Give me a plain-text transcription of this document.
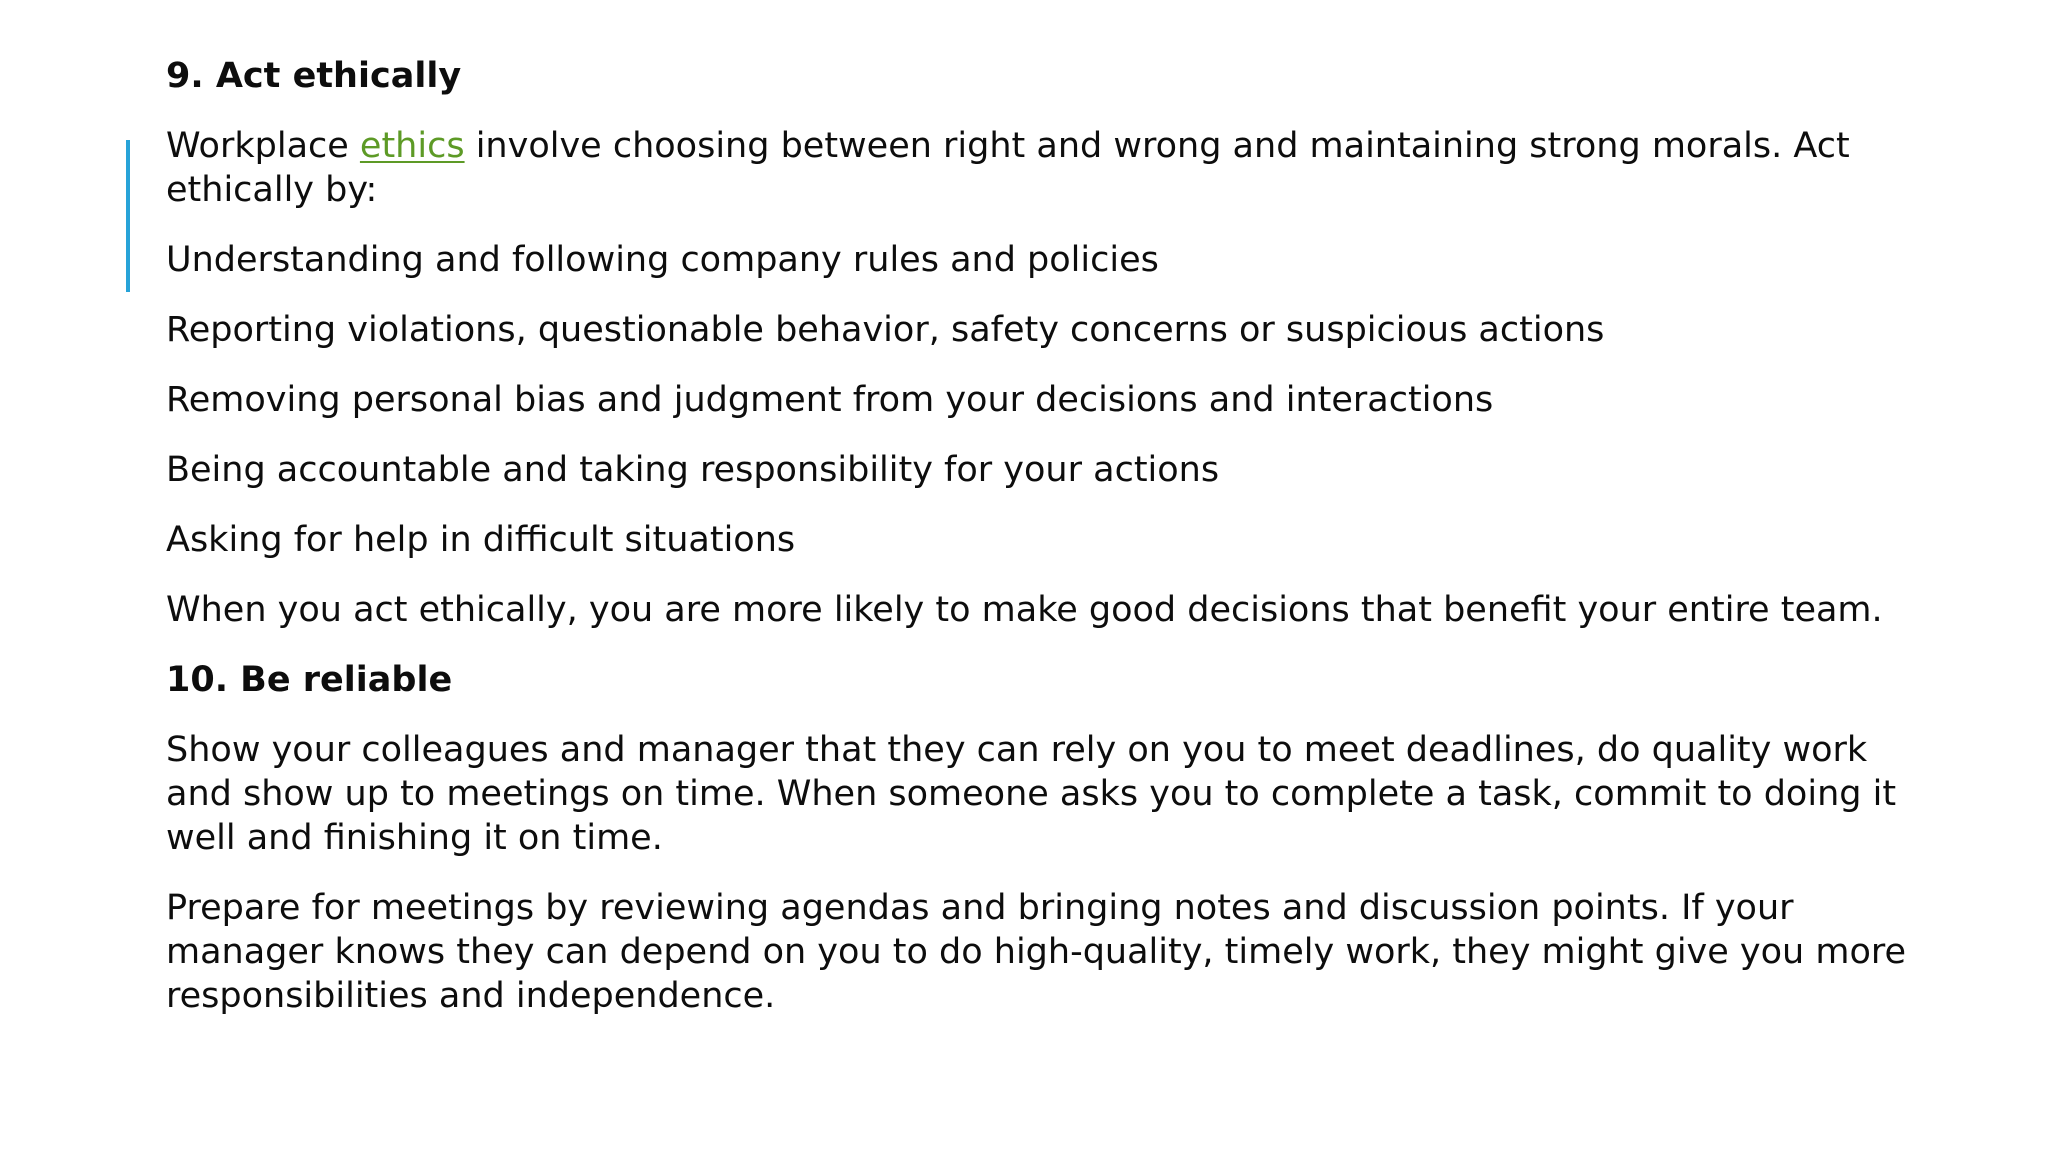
9. Act ethically

Workplace ethics involve choosing between right and wrong and maintaining strong morals. Act ethically by:

Understanding and following company rules and policies

Reporting violations, questionable behavior, safety concerns or suspicious actions

Removing personal bias and judgment from your decisions and interactions

Being accountable and taking responsibility for your actions

Asking for help in difficult situations

When you act ethically, you are more likely to make good decisions that benefit your entire team.

10. Be reliable

Show your colleagues and manager that they can rely on you to meet deadlines, do quality work and show up to meetings on time. When someone asks you to complete a task, commit to doing it well and finishing it on time.

Prepare for meetings by reviewing agendas and bringing notes and discussion points. If your manager knows they can depend on you to do high-quality, timely work, they might give you more responsibilities and independence.
